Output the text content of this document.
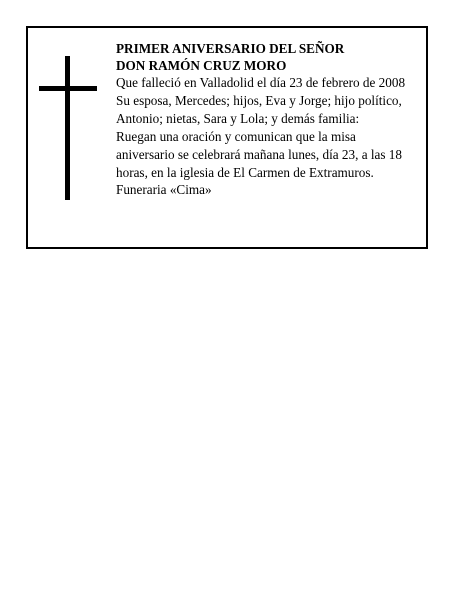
PRIMER ANIVERSARIO DEL SEÑOR

DON RAMÓN CRUZ MORO

Que falleció en Valladolid el día 23 de febrero de 2008

Su esposa, Mercedes; hijos, Eva y Jorge; hijo político,

Antonio; nietas, Sara y Lola; y demás familia:

Ruegan una oración y comunican que la misa

aniversario se celebrará mañana lunes, día 23, a las 18

horas, en la iglesia de El Carmen de Extramuros.

Funeraria «Cima»
